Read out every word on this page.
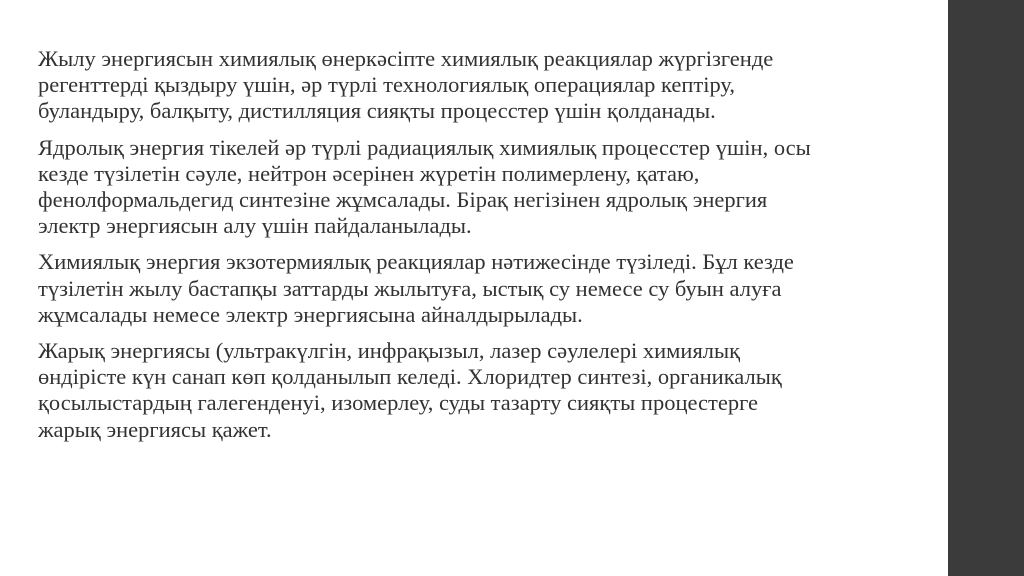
Жылу энергиясын химиялық өнеркәсіпте химиялық реакциялар жүргізгенде
регенттерді қыздыру үшін, әр түрлі технологиялық операциялар кептіру,
буландыру, балқыту, дистилляция сияқты процесстер үшін қолданады.

Ядролық энергия тікелей әр түрлі радиациялық химиялық процесстер үшін, осы
кезде түзілетін сәуле, нейтрон әсерінен жүретін полимерлену, қатаю,
фенолформальдегид синтезіне жұмсалады. Бірақ негізінен ядролық энергия
электр энергиясын алу үшін пайдаланылады.

Химиялық энергия экзотермиялық реакциялар нәтижесінде түзіледі. Бұл кезде
түзілетін жылу бастапқы заттарды жылытуға, ыстық су немесе су буын алуға
жұмсалады немесе электр энергиясына айналдырылады.

Жарық энергиясы (ультракүлгін, инфрақызыл, лазер сәулелері химиялық
өндірісте күн санап көп қолданылып келеді. Хлоридтер синтезі, органикалық
қосылыстардың галегенденуі, изомерлеу, суды тазарту сияқты процестерге
жарық энергиясы қажет.
